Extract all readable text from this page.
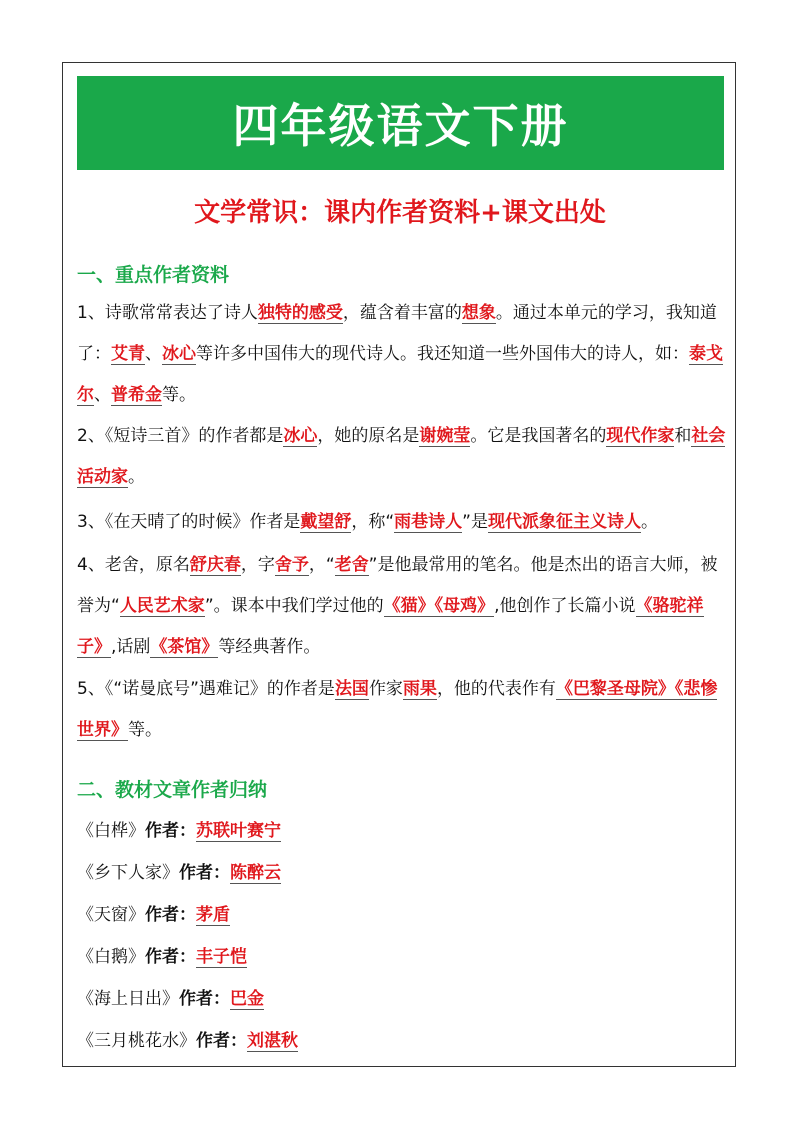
四年级语文下册
文学常识：课内作者资料+课文出处
一、重点作者资料
1、诗歌常常表达了诗人独特的感受，蕴含着丰富的想象。通过本单元的学习，我知道了：艾青、冰心等许多中国伟大的现代诗人。我还知道一些外国伟大的诗人，如：泰戈尔、普希金等。
2、《短诗三首》的作者都是冰心，她的原名是谢婉莹。它是我国著名的现代作家和社会活动家。
3、《在天晴了的时候》作者是戴望舒，称“雨巷诗人”是现代派象征主义诗人。
4、老舍，原名舒庆春，字舍予，“老舍”是他最常用的笔名。他是杰出的语言大师，被誉为“人民艺术家”。课本中我们学过他的《猫》《母鸡》,他创作了长篇小说《骆驼祥子》,话剧《茶馆》等经典著作。
5、《“诺曼底号”遇难记》的作者是法国作家雨果，他的代表作有《巴黎圣母院》《悲惨世界》等。
二、教材文章作者归纳
《白桦》作者：苏联叶赛宁
《乡下人家》作者：陈醉云
《天窗》作者：茅盾
《白鹅》作者：丰子恺
《海上日出》作者：巴金
《三月桃花水》作者：刘湛秋
